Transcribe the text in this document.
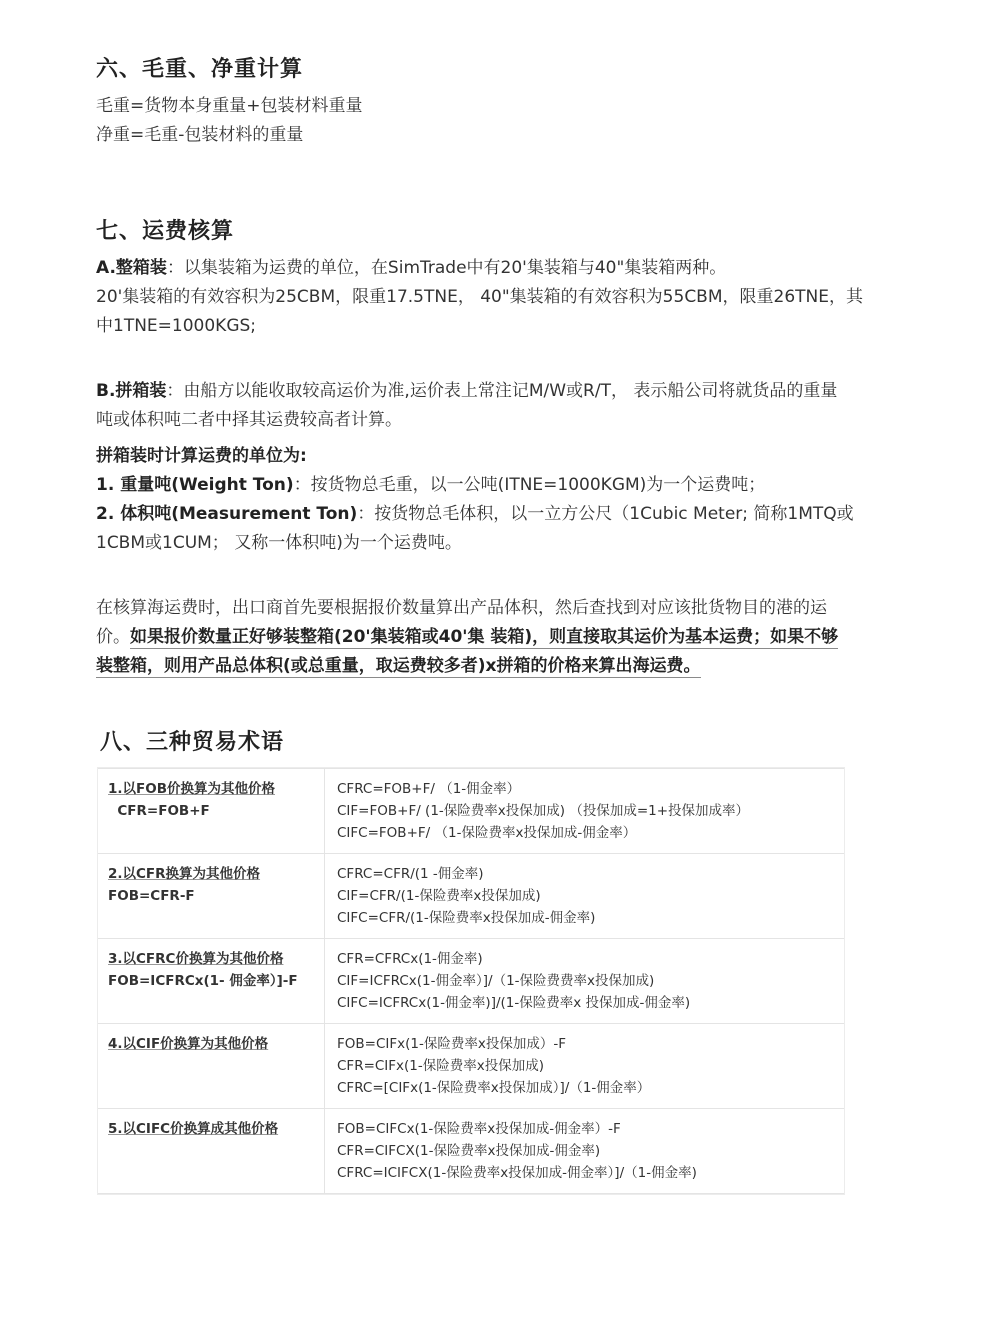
六、毛重、净重计算
毛重=货物本身重量+包装材料重量
净重=毛重-包装材料的重量
七、运费核算
A.整箱装：以集装箱为运费的单位，在SimTrade中有20'集装箱与40"集装箱两种。
20'集装箱的有效容积为25CBM，限重17.5TNE， 40"集装箱的有效容积为55CBM，限重26TNE，其
中1TNE=1000KGS;
B.拼箱装：由船方以能收取较高运价为准,运价表上常注记M/W或R/T， 表示船公司将就货品的重量
吨或体积吨二者中择其运费较高者计算。
拼箱装时计算运费的单位为:
1. 重量吨(Weight Ton)：按货物总毛重，以一公吨(ITNE=1000KGM)为一个运费吨；
2. 体积吨(Measurement Ton)：按货物总毛体积，以一立方公尺（1Cubic Meter; 简称1MTQ或
1CBM或1CUM； 又称一体积吨)为一个运费吨。
在核算海运费时，出口商首先要根据报价数量算出产品体积，然后查找到对应该批货物目的港的运
价。如果报价数量正好够装整箱(20'集装箱或40'集 装箱)，则直接取其运价为基本运费；如果不够
装整箱，则用产品总体积(或总重量，取运费较多者)x拼箱的价格来算出海运费。
八、三种贸易术语
1.以FOB价换算为其他价格
CFR=FOB+F	CFRC=FOB+F/ （1-佣金率）
CIF=FOB+F/ (1-保险费率x投保加成) （投保加成=1+投保加成率）
CIFC=FOB+F/ （1-保险费率x投保加成-佣金率）

2.以CFR换算为其他价格
FOB=CFR-F	CFRC=CFR/(1 -佣金率)
CIF=CFR/(1-保险费率x投保加成)
CIFC=CFR/(1-保险费率x投保加成-佣金率)

3.以CFRC价换算为其他价格
FOB=ICFRCx(1- 佣金率）]-F	CFR=CFRCx(1-佣金率)
CIF=ICFRCx(1-佣金率）]/（1-保险费费率x投保加成)
CIFC=ICFRCx(1-佣金率)]/(1-保险费率x 投保加成-佣金率)

4.以CIF价换算为其他价格	FOB=CIFx(1-保险费率x投保加成）-F
CFR=CIFx(1-保险费率x投保加成)
CFRC=[CIFx(1-保险费率x投保加成）]/（1-佣金率）

5.以CIFC价换算成其他价格	FOB=CIFCx(1-保险费率x投保加成-佣金率）-F
CFR=CIFCX(1-保险费率x投保加成-佣金率)
CFRC=ICIFCX(1-保险费率x投保加成-佣金率）]/（1-佣金率)
